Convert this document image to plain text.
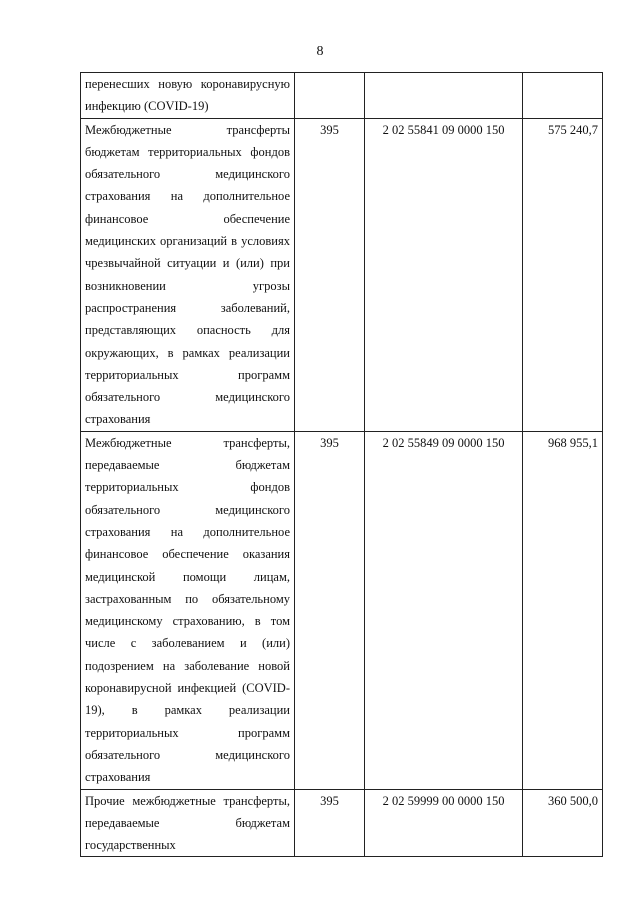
8
перенесших новую коронавирусную инфекцию (COVID-19)			
Межбюджетные трансферты бюджетам территориальных фондов обязательного медицинского страхования на дополнительное финансовое обеспечение медицинских организаций в условиях чрезвычайной ситуации и (или) при возникновении угрозы распространения заболеваний, представляющих опасность для окружающих, в рамках реализации территориальных программ обязательного медицинского страхования	395	2 02 55841 09 0000 150	575 240,7
Межбюджетные трансферты, передаваемые бюджетам территориальных фондов обязательного медицинского страхования на дополнительное финансовое обеспечение оказания медицинской помощи лицам, застрахованным по обязательному медицинскому страхованию, в том числе с заболеванием и (или) подозрением на заболевание новой коронавирусной инфекцией (COVID-19), в рамках реализации территориальных программ обязательного медицинского страхования	395	2 02 55849 09 0000 150	968 955,1
Прочие межбюджетные трансферты, передаваемые бюджетам государственных	395	2 02 59999 00 0000 150	360 500,0
